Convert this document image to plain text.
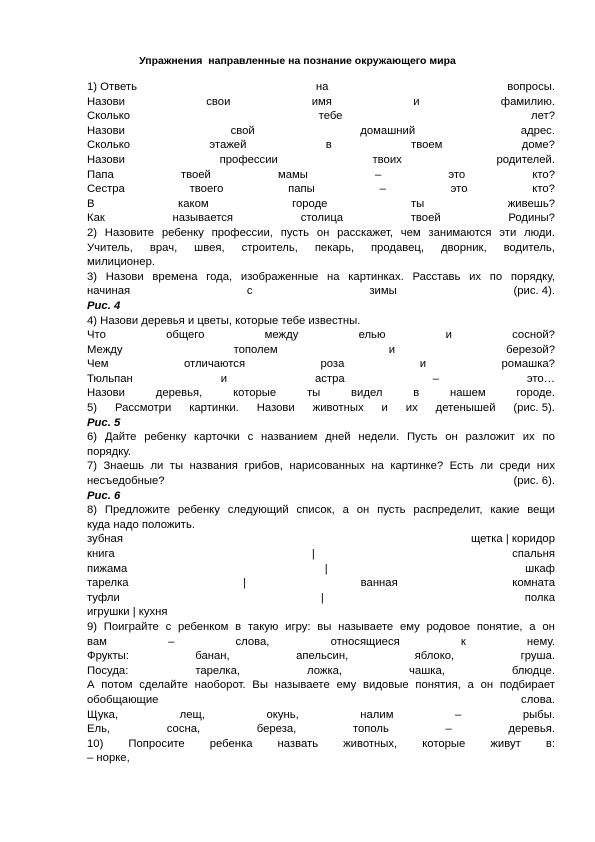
Упражнения  направленные на познание окружающего мира
1) Ответь	на	вопросы.
Назови	свои	имя	и	фамилию.
Сколько	тебе	лет?
Назови	свой	домашний	адрес.
Сколько	этажей	в	твоем	доме?
Назови	профессии	твоих	родителей.
Папа	твоей	мамы	–	это	кто?
Сестра	твоего	папы	–	это	кто?
В	каком	городе	ты	живешь?
Как	называется	столица	твоей	Родины?
2) Назовите ребенку профессии, пусть он расскажет, чем занимаются эти люди.
Учитель, врач, швея, строитель, пекарь, продавец, дворник, водитель,
милиционер.
3) Назови времена года, изображенные на картинках. Расставь их по порядку,
начиная	с	зимы	(рис. 4).
Рис. 4
4) Назови деревья и цветы, которые тебе известны.
Что	общего	между	елью	и	сосной?
Между	тополем	и	березой?
Чем	отличаются	роза	и	ромашка?
Тюльпан	и	астра	–	это…
Назови	деревья,	которые	ты	видел	в	нашем	городе.
5) Рассмотри картинки. Назови животных и их детенышей (рис. 5).
Рис. 5
6) Дайте ребенку карточки с названием дней недели. Пусть он разложит их по
порядку.
7) Знаешь ли ты названия грибов, нарисованных на картинке? Есть ли среди них
несъедобные?	(рис. 6).
Рис. 6
8) Предложите ребенку следующий список, а он пусть распределит, какие вещи
куда надо положить.
зубная	щетка | коридор
книга	|	спальня
пижама	|	шкаф
тарелка	|	ванная	комната
туфли	|	полка
игрушки | кухня
9) Поиграйте с ребенком в такую игру: вы называете ему родовое понятие, а он
вам	–	слова,	относящиеся	к	нему.
Фрукты:	банан,	апельсин,	яблоко,	груша.
Посуда:	тарелка,	ложка,	чашка,	блюдце.
А потом сделайте наоборот. Вы называете ему видовые понятия, а он подбирает
обобщающие	слова.
Щука,	лещ,	окунь,	налим	–	рыбы.
Ель,	сосна,	береза,	тополь	–	деревья.
10) Попросите ребенка назвать животных, которые живут в:
– норке,
